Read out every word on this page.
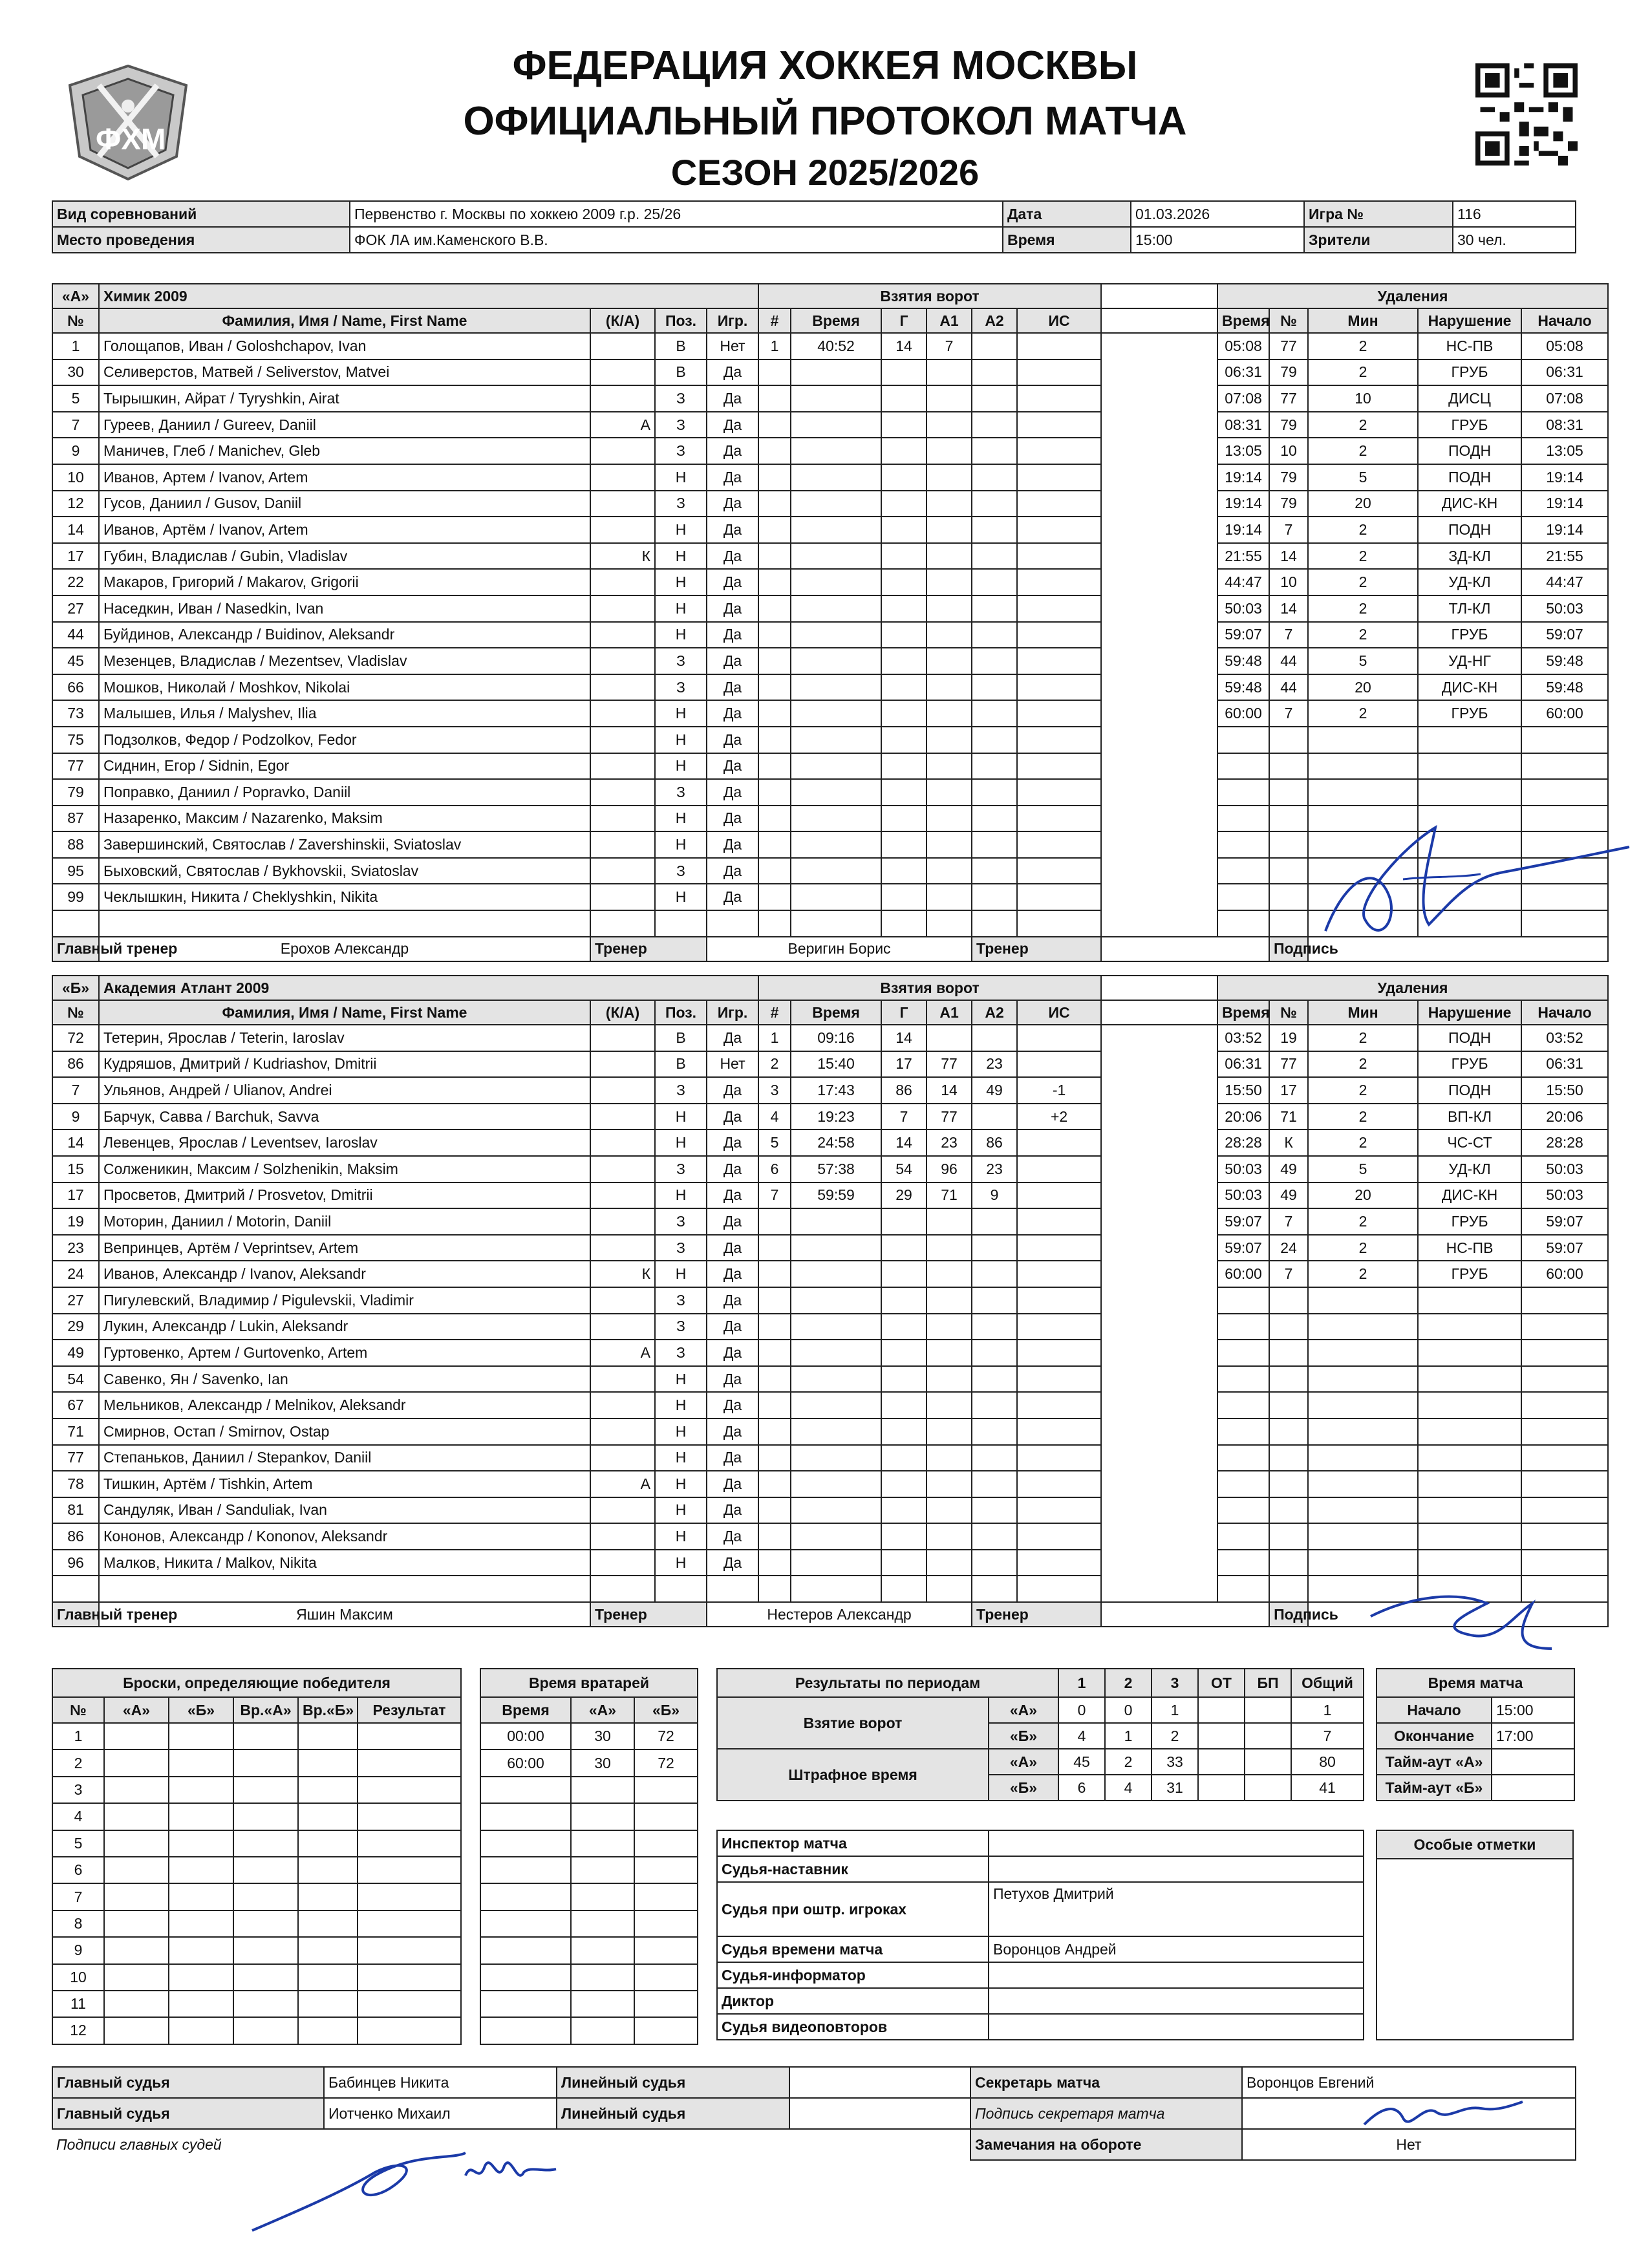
ФХМ
ФЕДЕРАЦИЯ ХОККЕЯ МОСКВЫ
ОФИЦИАЛЬНЫЙ ПРОТОКОЛ МАТЧА
СЕЗОН 2025/2026
Вид соревнований	Первенство г. Москвы по хоккею 2009 г.р. 25/26	Дата	01.03.2026	Игра №	116
Место проведения	ФОК ЛА им.Каменского В.В.	Время	15:00	Зрители	30 чел.
«А»	Химик 2009				Взятия ворот							Удаления					
№	Фамилия, Имя / Name, First Name	(К/А)	Поз.	Игр.	#	Время	Г	А1	А2	ИС		Время	№	Мин	Нарушение	Начало	
1	Голощапов, Иван / Goloshchapov, Ivan		В	Нет	1	40:52	14	7				05:08	77	2	НС-ПВ	05:08	
30	Селиверстов, Матвей / Seliverstov, Matvei		В	Да								06:31	79	2	ГРУБ	06:31	
5	Тырышкин, Айрат / Tyryshkin, Airat		З	Да								07:08	77	10	ДИСЦ	07:08	
7	Гуреев, Даниил / Gureev, Daniil	А	З	Да								08:31	79	2	ГРУБ	08:31	
9	Маничев, Глеб / Manichev, Gleb		З	Да								13:05	10	2	ПОДН	13:05	
10	Иванов, Артем / Ivanov, Artem		Н	Да								19:14	79	5	ПОДН	19:14	
12	Гусов, Даниил / Gusov, Daniil		З	Да								19:14	79	20	ДИС-КН	19:14	
14	Иванов, Артём / Ivanov, Artem		Н	Да								19:14	7	2	ПОДН	19:14	
17	Губин, Владислав / Gubin, Vladislav	К	Н	Да								21:55	14	2	ЗД-КЛ	21:55	
22	Макаров, Григорий / Makarov, Grigorii		Н	Да								44:47	10	2	УД-КЛ	44:47	
27	Наседкин, Иван / Nasedkin, Ivan		Н	Да								50:03	14	2	ТЛ-КЛ	50:03	
44	Буйдинов, Александр / Buidinov, Aleksandr		Н	Да								59:07	7	2	ГРУБ	59:07	
45	Мезенцев, Владислав / Mezentsev, Vladislav		З	Да								59:48	44	5	УД-НГ	59:48	
66	Мошков, Николай / Moshkov, Nikolai		З	Да								59:48	44	20	ДИС-КН	59:48	
73	Малышев, Илья / Malyshev, Ilia		Н	Да								60:00	7	2	ГРУБ	60:00	
75	Подзолков, Федор / Podzolkov, Fedor		Н	Да													
77	Сиднин, Егор / Sidnin, Egor		Н	Да													
79	Поправко, Даниил / Popravko, Daniil		З	Да													
87	Назаренко, Максим / Nazarenko, Maksim		Н	Да													
88	Завершинский, Святослав / Zavershinskii, Sviatoslav		Н	Да													
95	Быховский, Святослав / Bykhovskii, Sviatoslav		З	Да													
99	Чеклышкин, Никита / Cheklyshkin, Nikita		Н	Да													

Главный тренер	Ерохов Александр	Тренер		Веригин Борис					Тренер				Подпись				
«Б»	Академия Атлант 2009				Взятия ворот							Удаления					
№	Фамилия, Имя / Name, First Name	(К/А)	Поз.	Игр.	#	Время	Г	А1	А2	ИС		Время	№	Мин	Нарушение	Начало	
72	Тетерин, Ярослав / Teterin, Iaroslav		В	Да	1	09:16	14					03:52	19	2	ПОДН	03:52	
86	Кудряшов, Дмитрий / Kudriashov, Dmitrii		В	Нет	2	15:40	17	77	23			06:31	77	2	ГРУБ	06:31	
7	Ульянов, Андрей / Ulianov, Andrei		З	Да	3	17:43	86	14	49	-1		15:50	17	2	ПОДН	15:50	
9	Барчук, Савва / Barchuk, Savva		Н	Да	4	19:23	7	77		+2		20:06	71	2	ВП-КЛ	20:06	
14	Левенцев, Ярослав / Leventsev, Iaroslav		Н	Да	5	24:58	14	23	86			28:28	К	2	ЧС-СТ	28:28	
15	Солженикин, Максим / Solzhenikin, Maksim		З	Да	6	57:38	54	96	23			50:03	49	5	УД-КЛ	50:03	
17	Просветов, Дмитрий / Prosvetov, Dmitrii		Н	Да	7	59:59	29	71	9			50:03	49	20	ДИС-КН	50:03	
19	Моторин, Даниил / Motorin, Daniil		З	Да								59:07	7	2	ГРУБ	59:07	
23	Вепринцев, Артём / Veprintsev, Artem		З	Да								59:07	24	2	НС-ПВ	59:07	
24	Иванов, Александр / Ivanov, Aleksandr	К	Н	Да								60:00	7	2	ГРУБ	60:00	
27	Пигулевский, Владимир / Pigulevskii, Vladimir		З	Да													
29	Лукин, Александр / Lukin, Aleksandr		З	Да													
49	Гуртовенко, Артем / Gurtovenko, Artem	А	З	Да													
54	Савенко, Ян / Savenko, Ian		Н	Да													
67	Мельников, Александр / Melnikov, Aleksandr		Н	Да													
71	Смирнов, Остап / Smirnov, Ostap		Н	Да													
77	Степаньков, Даниил / Stepankov, Daniil		Н	Да													
78	Тишкин, Артём / Tishkin, Artem	А	Н	Да													
81	Сандуляк, Иван / Sanduliak, Ivan		Н	Да													
86	Кононов, Александр / Kononov, Aleksandr		Н	Да													
96	Малков, Никита / Malkov, Nikita		Н	Да													

Главный тренер	Яшин Максим	Тренер		Нестеров Александр					Тренер				Подпись				
Броски, определяющие победителя					
№	«А»	«Б»	Вр.«А»	Вр.«Б»	Результат
1					
2					
3					
4					
5					
6					
7					
8					
9					
10					
11					
12					
Время вратарей		
Время	«А»	«Б»
00:00	30	72
60:00	30	72

Результаты по периодам		1	2	3	ОТ	БП	Общий
Взятие ворот	«А»	0	0	1			1
	«Б»	4	1	2			7
Штрафное время	«А»	45	2	33			80
	«Б»	6	4	31			41
Время матча	
Начало	15:00
Окончание	17:00
Тайм-аут «А»	
Тайм-аут «Б»	
Инспектор матча	
Судья-наставник	
Судья при оштр. игроках	Петухов Дмитрий
Судья времени матча	Воронцов Андрей
Судья-информатор	
Диктор	
Судья видеоповторов	
Особые отметки

Главный судья	Бабинцев Никита	Линейный судья			Секретарь матча	Воронцов Евгений
Главный судья	Иотченко Михаил	Линейный судья			Подпись секретаря матча	
Подписи главных судей				Замечания на обороте	Нет
